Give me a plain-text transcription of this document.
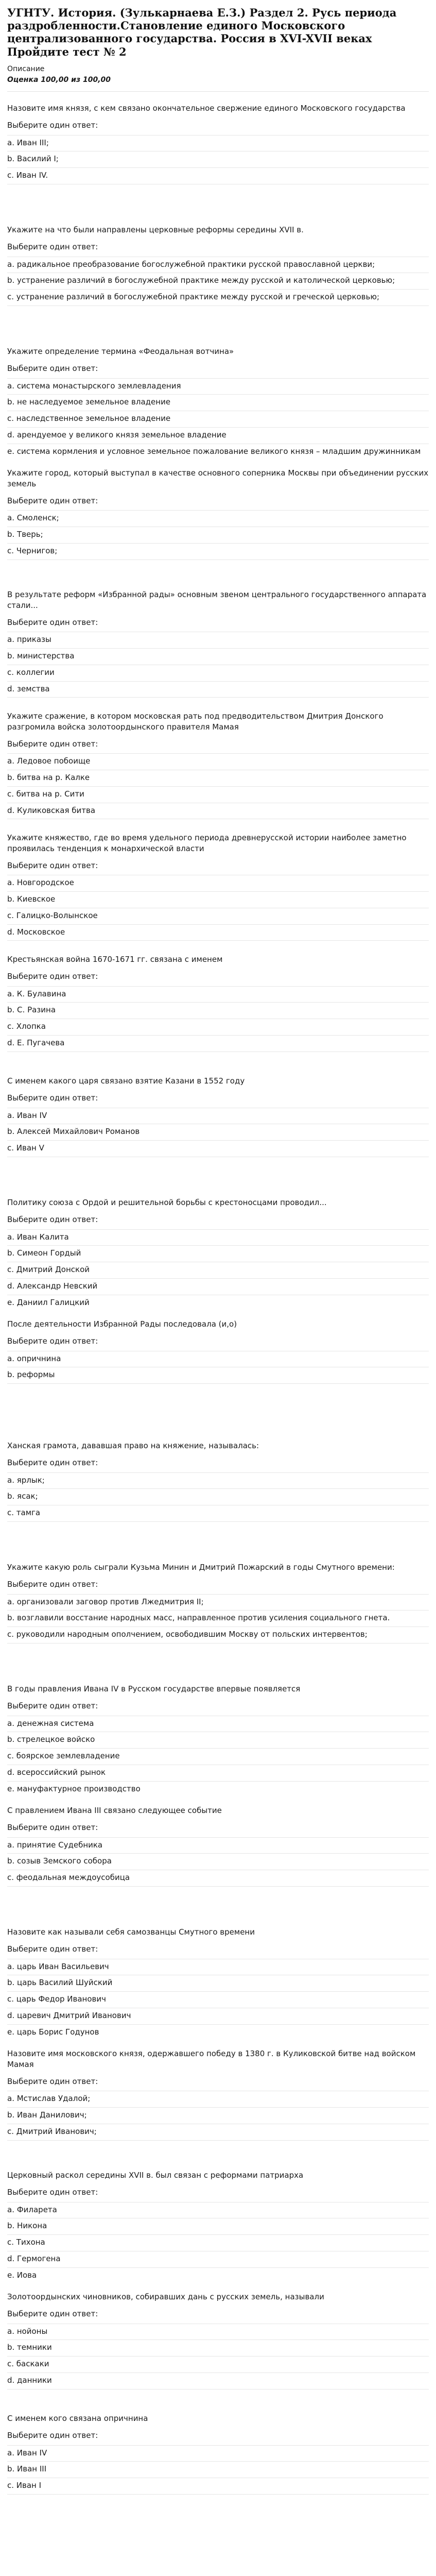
УГНТУ. История. (Зулькарнаева Е.З.) Раздел 2. Русь периода раздробленности.Становление единого Московского централизованного государства. Россия в XVI-XVII веках Пройдите тест № 2

Описание

Оценка 100,00 из 100,00

Назовите имя князя, с кем связано окончательное свержение единого Московского государства

Выберите один ответ:

a. Иван III;
b. Василий I;
c. Иван IV.

Укажите на что были направлены церковные реформы середины XVII в.

Выберите один ответ:

a. радикальное преобразование богослужебной практики русской православной церкви;
b. устранение различий в богослужебной практике между русской и католической церковью;
c. устранение различий в богослужебной практике между русской и греческой церковью;

Укажите определение термина «Феодальная вотчина»

Выберите один ответ:

a. система монастырского землевладения
b. не наследуемое земельное владение
c. наследственное земельное владение
d. арендуемое у великого князя земельное владение
e. система кормления и условное земельное пожалование великого князя – младшим дружинникам

Укажите город, который выступал в качестве основного соперника Москвы при объединении русских земель

Выберите один ответ:

a. Смоленск;
b. Тверь;
c. Чернигов;

В результате реформ «Избранной рады» основным звеном центрального государственного аппарата стали...

Выберите один ответ:

a. приказы
b. министерства
c. коллегии
d. земства

Укажите сражение, в котором московская рать под предводительством Дмитрия Донского разгромила войска золотоордынского правителя Мамая

Выберите один ответ:

a. Ледовое побоище
b. битва на р. Калке
c. битва на р. Сити
d. Куликовская битва

Укажите княжество, где во время удельного периода древнерусской истории наиболее заметно проявилась тенденция к монархической власти

Выберите один ответ:

a. Новгородское
b. Киевское
c. Галицко-Волынское
d. Московское

Крестьянская война 1670-1671 гг. связана с именем

Выберите один ответ:

a. К. Булавина
b. С. Разина
c. Хлопка
d. Е. Пугачева

С именем какого царя связано взятие Казани в 1552 году

Выберите один ответ:

a. Иван IV
b. Алексей Михайлович Романов
c. Иван V

Политику союза с Ордой и решительной борьбы с крестоносцами проводил...

Выберите один ответ:

a. Иван Калита
b. Симеон Гордый
c. Дмитрий Донской
d. Александр Невский
e. Даниил Галицкий

После деятельности Избранной Рады последовала (и,о)

Выберите один ответ:

a. опричнина
b. реформы

Ханская грамота, дававшая право на княжение, называлась:

Выберите один ответ:

a. ярлык;
b. ясак;
c. тамга

Укажите какую роль сыграли Кузьма Минин и Дмитрий Пожарский в годы Смутного времени:

Выберите один ответ:

a. организовали заговор против Лжедмитрия II;
b. возглавили восстание народных масс, направленное против усиления социального гнета.
c. руководили народным ополчением, освободившим Москву от польских интервентов;

В годы правления Ивана IV в Русском государстве впервые появляется

Выберите один ответ:

a. денежная система
b. стрелецкое войско
c. боярское землевладение
d. всероссийский рынок
e. мануфактурное производство

С правлением Ивана III связано следующее событие

Выберите один ответ:

a. принятие Судебника
b. созыв Земского собора
c. феодальная междоусобица

Назовите как называли себя самозванцы Смутного времени

Выберите один ответ:

a. царь Иван Васильевич
b. царь Василий Шуйский
c. царь Федор Иванович
d. царевич Дмитрий Иванович
e. царь Борис Годунов

Назовите имя московского князя, одержавшего победу в 1380 г. в Куликовской битве над войском Мамая

Выберите один ответ:

a. Мстислав Удалой;
b. Иван Данилович;
c. Дмитрий Иванович;

Церковный раскол середины XVII в. был связан с реформами патриарха

Выберите один ответ:

a. Филарета
b. Никона
c. Тихона
d. Гермогена
e. Иова

Золотоордынских чиновников, собиравших дань с русских земель, называли

Выберите один ответ:

a. нойоны
b. темники
c. баскаки
d. данники

С именем кого связана опричнина

Выберите один ответ:

a. Иван IV
b. Иван III
c. Иван I
